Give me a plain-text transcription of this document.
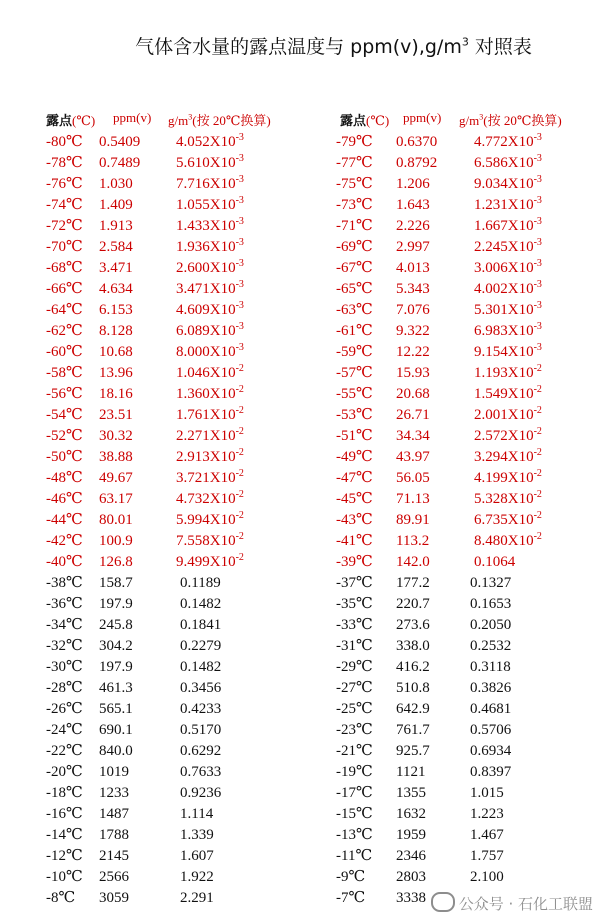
气体含水量的露点温度与 $ppm(v),g/m^3$ 对照表
露点(℃) ppm(v) $g/m^3$(按 20℃换算)	露点(℃) ppm(v) $g/m^3$(按 20℃换算)
-80℃ 0.5409 $4.052X10^{-3}$
-78℃ 0.7489 $5.610X10^{-3}$
-76℃ 1.030	$7.716X10^{-3}$
-74℃ 1.409	$1.055X10^{-3}$
-72℃ 1.913	$1.433X10^{-3}$
-70℃ 2.584	$1.936X10^{-3}$
-68℃ 3.471	$2.600X10^{-3}$
-66℃ 4.634	$3.471X10^{-3}$
-64℃ 6.153	$4.609X10^{-3}$
-62℃ 8.128	$6.089X10^{-3}$
-60℃ 10.68	$8.000X10^{-3}$
-58℃ 13.96	$1.046X10^{-2}$
-56℃ 18.16	$1.360X10^{-2}$
-54℃ 23.51	$1.761X10^{-2}$
-52℃ 30.32	$2.271X10^{-2}$
-50℃ 38.88	$2.913X10^{-2}$
-48℃ 49.67	$3.721X10^{-2}$
-46℃ 63.17	$4.732X10^{-2}$
-44℃ 80.01	$5.994X10^{-2}$
-42℃ 100.9	$7.558X10^{-2}$
-40℃ 126.8	$9.499X10^{-2}$
-38℃ 158.7	0.1189
-36℃ 197.9	0.1482
-34℃ 245.8	0.1841
-32℃ 304.2	0.2279
-30℃ 197.9	0.1482
-28℃ 461.3	0.3456
-26℃ 565.1	0.4233
-24℃ 690.1	0.5170
-22℃ 840.0	0.6292
-20℃ 1019	0.7633
-18℃ 1233	0.9236
-16℃ 1487	1.114
-14℃ 1788	1.339
-12℃ 2145	1.607
-10℃ 2566	1.922
-8℃ 3059	2.291
-79℃ 0.6370 $4.772X10^{-3}$
-77℃ 0.8792 $6.586X10^{-3}$
-75℃ 1.206	$9.034X10^{-3}$
-73℃ 1.643	$1.231X10^{-3}$
-71℃ 2.226	$1.667X10^{-3}$
-69℃ 2.997	$2.245X10^{-3}$
-67℃ 4.013	$3.006X10^{-3}$
-65℃ 5.343	$4.002X10^{-3}$
-63℃ 7.076	$5.301X10^{-3}$
-61℃ 9.322	$6.983X10^{-3}$
-59℃ 12.22	$9.154X10^{-3}$
-57℃ 15.93	$1.193X10^{-2}$
-55℃ 20.68	$1.549X10^{-2}$
-53℃ 26.71	$2.001X10^{-2}$
-51℃ 34.34	$2.572X10^{-2}$
-49℃ 43.97	$3.294X10^{-2}$
-47℃ 56.05	$4.199X10^{-2}$
-45℃ 71.13	$5.328X10^{-2}$
-43℃ 89.91	$6.735X10^{-2}$
-41℃ 113.2	$8.480X10^{-2}$
-39℃ 142.0	0.1064
-37℃ 177.2	0.1327
-35℃ 220.7	0.1653
-33℃ 273.6	0.2050
-31℃ 338.0	0.2532
-29℃ 416.2	0.3118
-27℃ 510.8	0.3826
-25℃ 642.9	0.4681
-23℃ 761.7	0.5706
-21℃ 925.7	0.6934
-19℃ 1121	0.8397
-17℃ 1355	1.015
-15℃ 1632	1.223
-13℃ 1959	1.467
-11℃ 2346	1.757
-9℃ 2803	2.100
-7℃ 3338	公众号 · 石化工联盟
